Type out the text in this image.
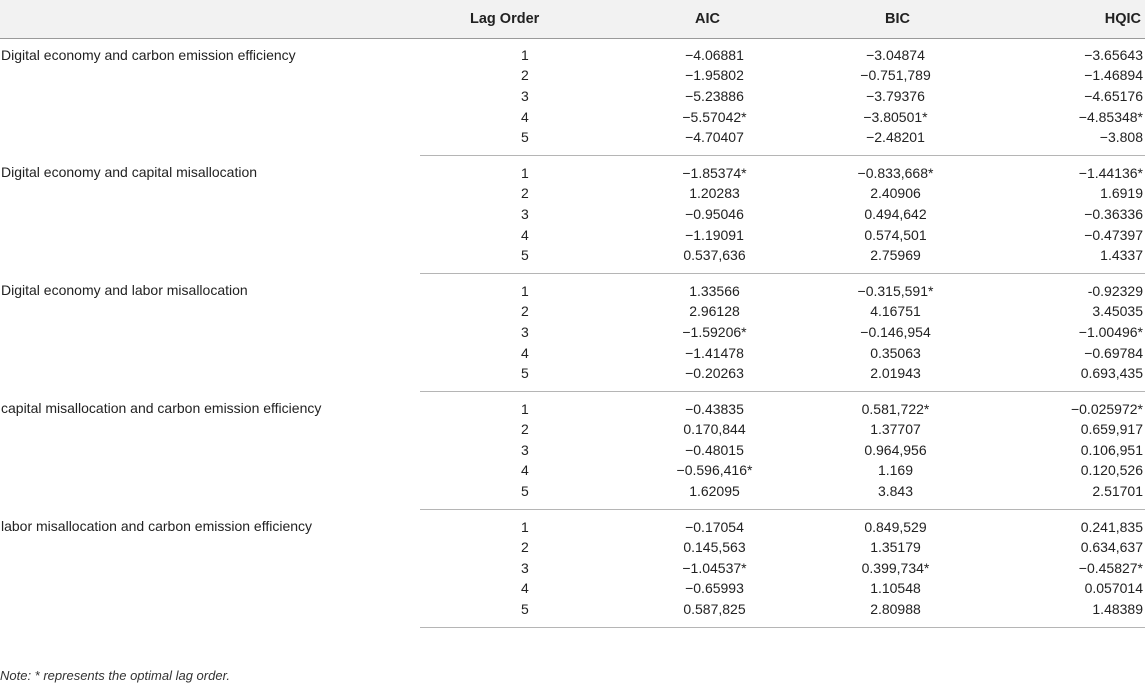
	Lag Order	AIC	BIC	HQIC
Digital economy and carbon emission efficiency	1	−4.06881	−3.04874	−3.65643
	2	−1.95802	−0.751,789	−1.46894
	3	−5.23886	−3.79376	−4.65176
	4	−5.57042*	−3.80501*	−4.85348*
	5	−4.70407	−2.48201	−3.808
Digital economy and capital misallocation	1	−1.85374*	−0.833,668*	−1.44136*
	2	1.20283	2.40906	1.6919
	3	−0.95046	0.494,642	−0.36336
	4	−1.19091	0.574,501	−0.47397
	5	0.537,636	2.75969	1.4337
Digital economy and labor misallocation	1	1.33566	−0.315,591*	-0.92329
	2	2.96128	4.16751	3.45035
	3	−1.59206*	−0.146,954	−1.00496*
	4	−1.41478	0.35063	−0.69784
	5	−0.20263	2.01943	0.693,435
capital misallocation and carbon emission efficiency	1	−0.43835	0.581,722*	−0.025972*
	2	0.170,844	1.37707	0.659,917
	3	−0.48015	0.964,956	0.106,951
	4	−0.596,416*	1.169	0.120,526
	5	1.62095	3.843	2.51701
labor misallocation and carbon emission efficiency	1	−0.17054	0.849,529	0.241,835
	2	0.145,563	1.35179	0.634,637
	3	−1.04537*	0.399,734*	−0.45827*
	4	−0.65993	1.10548	0.057014
	5	0.587,825	2.80988	1.48389
Note: * represents the optimal lag order.
